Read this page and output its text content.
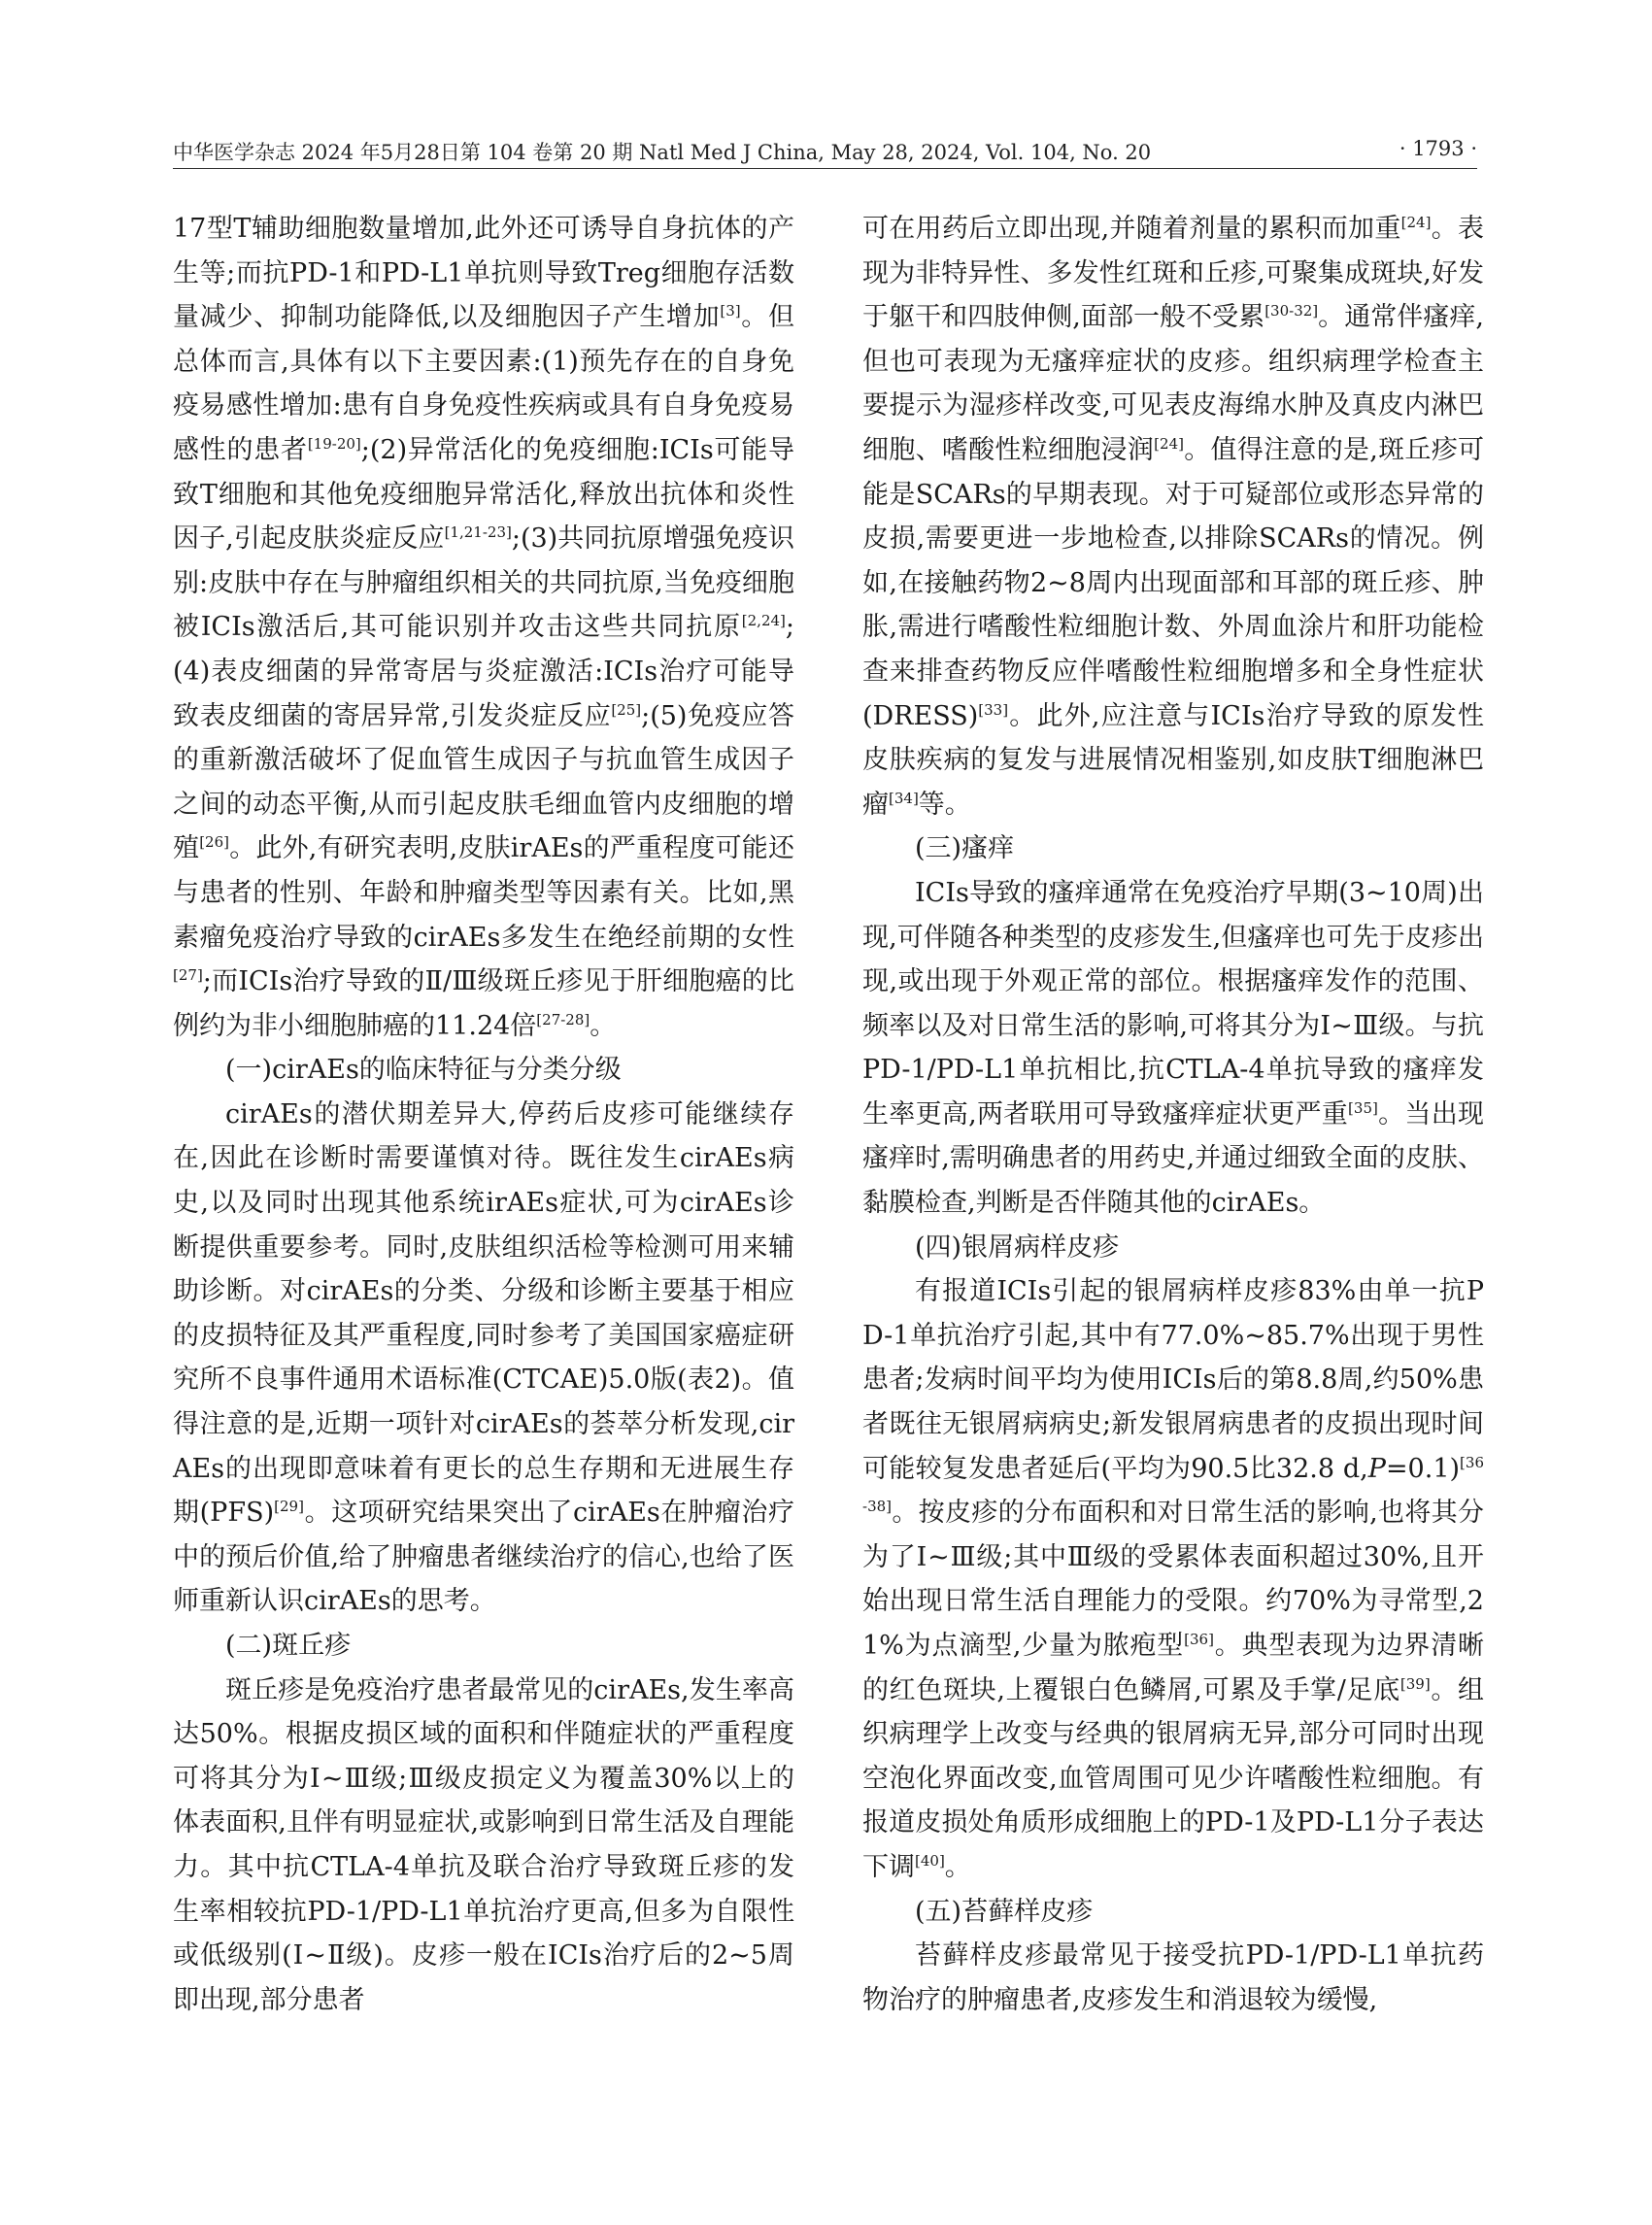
中华医学杂志 2024 年5月28日第 104 卷第 20 期 Natl Med J China, May 28, 2024, Vol. 104, No. 20	· 1793 ·

17型T辅助细胞数量增加,此外还可诱导自身抗体的产生等;而抗PD-1和PD-L1单抗则导致Treg细胞存活数量减少、抑制功能降低,以及细胞因子产生增加[3]。但总体而言,具体有以下主要因素:(1)预先存在的自身免疫易感性增加:患有自身免疫性疾病或具有自身免疫易感性的患者[19-20];(2)异常活化的免疫细胞:ICIs可能导致T细胞和其他免疫细胞异常活化,释放出抗体和炎性因子,引起皮肤炎症反应[1,21-23];(3)共同抗原增强免疫识别:皮肤中存在与肿瘤组织相关的共同抗原,当免疫细胞被ICIs激活后,其可能识别并攻击这些共同抗原[2,24];(4)表皮细菌的异常寄居与炎症激活:ICIs治疗可能导致表皮细菌的寄居异常,引发炎症反应[25];(5)免疫应答的重新激活破坏了促血管生成因子与抗血管生成因子之间的动态平衡,从而引起皮肤毛细血管内皮细胞的增殖[26]。此外,有研究表明,皮肤irAEs的严重程度可能还与患者的性别、年龄和肿瘤类型等因素有关。比如,黑素瘤免疫治疗导致的cirAEs多发生在绝经前期的女性[27];而ICIs治疗导致的Ⅱ/Ⅲ级斑丘疹见于肝细胞癌的比例约为非小细胞肺癌的11.24倍[27-28]。

(一)cirAEs的临床特征与分类分级

cirAEs的潜伏期差异大,停药后皮疹可能继续存在,因此在诊断时需要谨慎对待。既往发生cirAEs病史,以及同时出现其他系统irAEs症状,可为cirAEs诊断提供重要参考。同时,皮肤组织活检等检测可用来辅助诊断。对cirAEs的分类、分级和诊断主要基于相应的皮损特征及其严重程度,同时参考了美国国家癌症研究所不良事件通用术语标准(CTCAE)5.0版(表2)。值得注意的是,近期一项针对cirAEs的荟萃分析发现,cirAEs的出现即意味着有更长的总生存期和无进展生存期(PFS)[29]。这项研究结果突出了cirAEs在肿瘤治疗中的预后价值,给了肿瘤患者继续治疗的信心,也给了医师重新认识cirAEs的思考。

(二)斑丘疹

斑丘疹是免疫治疗患者最常见的cirAEs,发生率高达50%。根据皮损区域的面积和伴随症状的严重程度可将其分为Ⅰ~Ⅲ级;Ⅲ级皮损定义为覆盖30%以上的体表面积,且伴有明显症状,或影响到日常生活及自理能力。其中抗CTLA-4单抗及联合治疗导致斑丘疹的发生率相较抗PD-1/PD-L1单抗治疗更高,但多为自限性或低级别(Ⅰ~Ⅱ级)。皮疹一般在ICIs治疗后的2~5周即出现,部分患者

可在用药后立即出现,并随着剂量的累积而加重[24]。表现为非特异性、多发性红斑和丘疹,可聚集成斑块,好发于躯干和四肢伸侧,面部一般不受累[30-32]。通常伴瘙痒,但也可表现为无瘙痒症状的皮疹。组织病理学检查主要提示为湿疹样改变,可见表皮海绵水肿及真皮内淋巴细胞、嗜酸性粒细胞浸润[24]。值得注意的是,斑丘疹可能是SCARs的早期表现。对于可疑部位或形态异常的皮损,需要更进一步地检查,以排除SCARs的情况。例如,在接触药物2~8周内出现面部和耳部的斑丘疹、肿胀,需进行嗜酸性粒细胞计数、外周血涂片和肝功能检查来排查药物反应伴嗜酸性粒细胞增多和全身性症状(DRESS)[33]。此外,应注意与ICIs治疗导致的原发性皮肤疾病的复发与进展情况相鉴别,如皮肤T细胞淋巴瘤[34]等。

(三)瘙痒

ICIs导致的瘙痒通常在免疫治疗早期(3~10周)出现,可伴随各种类型的皮疹发生,但瘙痒也可先于皮疹出现,或出现于外观正常的部位。根据瘙痒发作的范围、频率以及对日常生活的影响,可将其分为Ⅰ~Ⅲ级。与抗PD-1/PD-L1单抗相比,抗CTLA-4单抗导致的瘙痒发生率更高,两者联用可导致瘙痒症状更严重[35]。当出现瘙痒时,需明确患者的用药史,并通过细致全面的皮肤、黏膜检查,判断是否伴随其他的cirAEs。

(四)银屑病样皮疹

有报道ICIs引起的银屑病样皮疹83%由单一抗PD-1单抗治疗引起,其中有77.0%~85.7%出现于男性患者;发病时间平均为使用ICIs后的第8.8周,约50%患者既往无银屑病病史;新发银屑病患者的皮损出现时间可能较复发患者延后(平均为90.5比32.8 d,P=0.1)[36-38]。按皮疹的分布面积和对日常生活的影响,也将其分为了Ⅰ~Ⅲ级;其中Ⅲ级的受累体表面积超过30%,且开始出现日常生活自理能力的受限。约70%为寻常型,21%为点滴型,少量为脓疱型[36]。典型表现为边界清晰的红色斑块,上覆银白色鳞屑,可累及手掌/足底[39]。组织病理学上改变与经典的银屑病无异,部分可同时出现空泡化界面改变,血管周围可见少许嗜酸性粒细胞。有报道皮损处角质形成细胞上的PD-1及PD-L1分子表达下调[40]。

(五)苔藓样皮疹

苔藓样皮疹最常见于接受抗PD-1/PD-L1单抗药物治疗的肿瘤患者,皮疹发生和消退较为缓慢,
